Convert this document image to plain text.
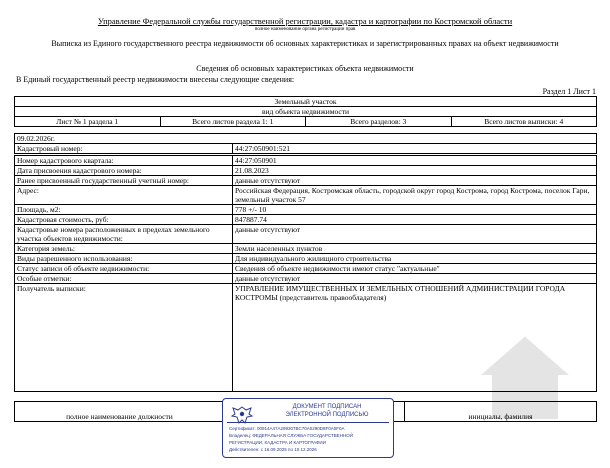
Управление Федеральной службы государственной регистрации, кадастра и картографии по Костромской области
полное наименование органа регистрации прав
Выписка из Единого государственного реестра недвижимости об основных характеристиках и зарегистрированных правах на объект недвижимости
Сведения об основных характеристиках объекта недвижимости
В Единый государственный реестр недвижимости внесены следующие сведения:
Раздел 1 Лист 1
Земельный участок
вид объекта недвижимости
Лист № 1 раздела 1	Всего листов раздела 1: 1	Всего разделов: 3	Всего листов выписки: 4
09.02.2026г.
Кадастровый номер:	44:27:050901:521
Номер кадастрового квартала:	44:27:050901
Дата присвоения кадастрового номера:	21.08.2023
Ранее присвоенный государственный учетный номер:	данные отсутствуют
Адрес:	Российская Федерация, Костромская область, городской округ город Кострома, город Кострома, поселок Гари, земельный участок 57
Площадь, м2:	778 +/- 10
Кадастровая стоимость, руб:	847887.74
Кадастровые номера расположенных в пределах земельного участка объектов недвижимости:	данные отсутствуют
Категория земель:	Земли населенных пунктов
Виды разрешенного использования:	Для индивидуального жилищного строительства
Статус записи об объекте недвижимости:	Сведения об объекте недвижимости имеют статус "актуальные"
Особые отметки:	данные отсутствуют
Получатель выписки:	УПРАВЛЕНИЕ ИМУЩЕСТВЕННЫХ И ЗЕМЕЛЬНЫХ ОТНОШЕНИЙ АДМИНИСТРАЦИИ ГОРОДА КОСТРОМЫ (представитель правообладателя)
полное наименование должности		инициалы, фамилия
ДОКУМЕНТ ПОДПИСАН
ЭЛЕКТРОННОЙ ПОДПИСЬЮ
Сертификат: 00914A47A299307BC70A0290D8F0A0F0A
Владелец: ФЕДЕРАЛЬНАЯ СЛУЖБА ГОСУДАРСТВЕННОЙ
РЕГИСТРАЦИИ, КАДАСТРА И КАРТОГРАФИИ
Действителен: с 16.09.2025 по 10.12.2026
